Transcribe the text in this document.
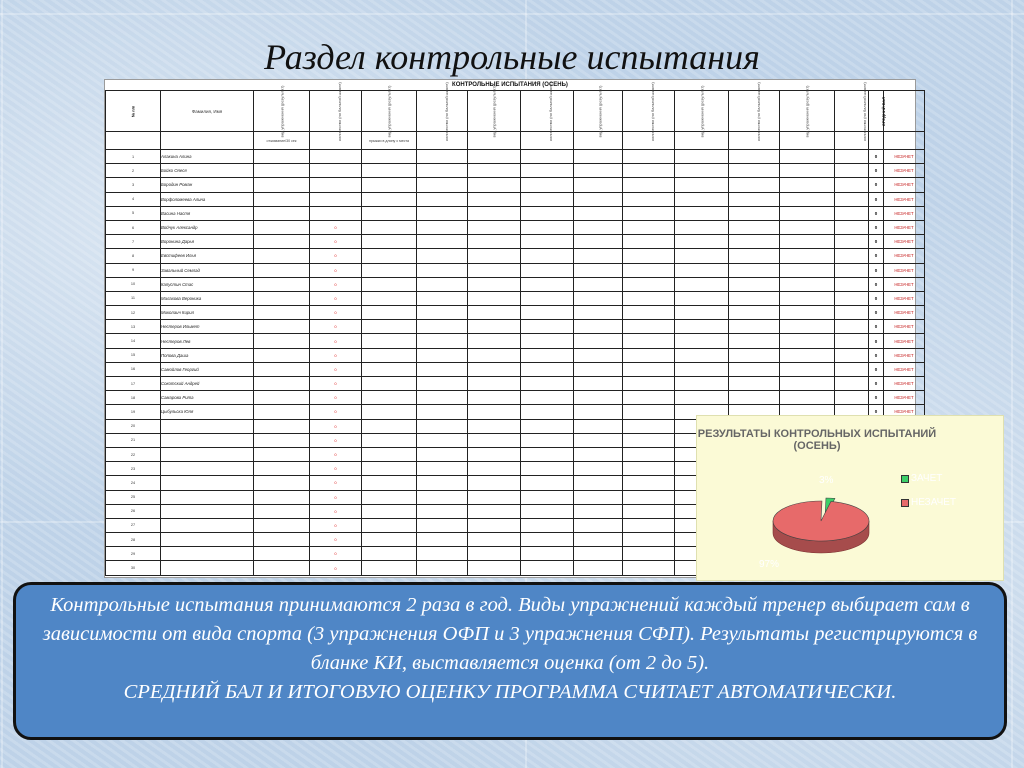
Раздел контрольные испытания
КОНТРОЛЬНЫЕ ИСПЫТАНИЯ (ОСЕНЬ)
№ п/п	Фамилия, Имя	вид упражнения (результат)	количество (по бальной шкале)	вид упражнения (результат)	количество (по бальной шкале)	вид упражнения (результат)	количество (по бальной шкале)	вид упражнения (результат)	количество (по бальной шкале)	вид упражнения (результат)	количество (по бальной шкале)	вид упражнения (результат)	количество (по бальной шкале)	СРЕДНИЙ БАЛ	
		отжимание/30 сек		прыжки в длину с места											
1	Алакина Алина													0	НЕЗАЧЕТ
2	Бойко Олеся													0	НЕЗАЧЕТ
3	Бородин Роман													0	НЕЗАЧЕТ
4	Ворфоломеева Алина													0	НЕЗАЧЕТ
5	Васина Настя													0	НЕЗАЧЕТ
6	Войчук Александр		0											0	НЕЗАЧЕТ
7	Воронина Дарья		0											0	НЕЗАЧЕТ
8	Евстифеев Илья		0											0	НЕЗАЧЕТ
9	Завальный Семлад		0											0	НЕЗАЧЕТ
10	Капустин Стас		0											0	НЕЗАЧЕТ
11	Малахова Вероника		0											0	НЕЗАЧЕТ
12	Миколаич Кирил		0											0	НЕЗАЧЕТ
13	Нестеров Ильмет		0											0	НЕЗАЧЕТ
14	Нестеров Лев		0											0	НЕЗАЧЕТ
15	Попова Даша		0											0	НЕЗАЧЕТ
16	Самойлов Георгий		0											0	НЕЗАЧЕТ
17	Сокотский Андрей		0											0	НЕЗАЧЕТ
18	Самарова Рита		0											0	НЕЗАЧЕТ
19	Цыбульска Юля		0											0	НЕЗАЧЕТ
20			0												
21			0												
22			0												
23			0												
24			0												
25			0												
26			0												
27			0												
28			0												
29			0												
30			0												
РЕЗУЛЬТАТЫ КОНТРОЛЬНЫХ ИСПЫТАНИЙ (ОСЕНЬ)
3%
97%
ЗАЧЕТ
НЕЗАЧЕТ

Контрольные испытания принимаются 2 раза в год. Виды упражнений каждый тренер выбирает сам в зависимости от вида спорта (3 упражнения ОФП и 3 упражнения СФП). Результаты регистрируются в бланке КИ, выставляется оценка (от 2 до 5).

СРЕДНИЙ БАЛ И ИТОГОВУЮ ОЦЕНКУ ПРОГРАММА СЧИТАЕТ АВТОМАТИЧЕСКИ.
